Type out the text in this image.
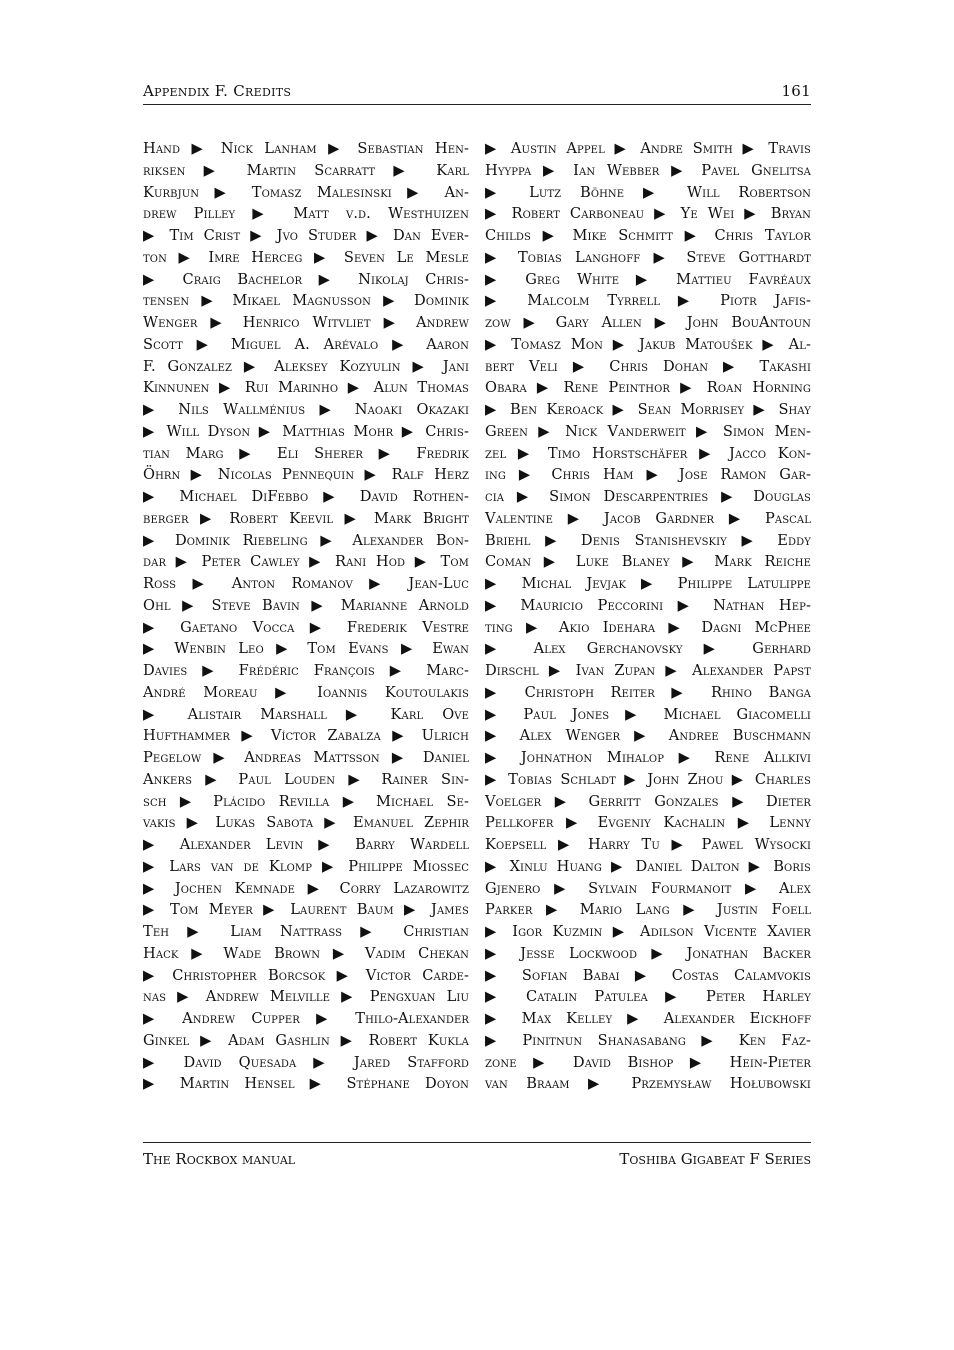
Appendix F. Credits	161
Hand ▶ Nick Lanham ▶ Sebastian Hen-
riksen ▶ Martin Scarratt ▶ Karl
Kurbjun ▶ Tomasz Malesinski ▶ An-
drew Pilley ▶ Matt v.d. Westhuizen
▶ Tim Crist ▶ Jvo Studer ▶ Dan Ever-
ton ▶ Imre Herceg ▶ Seven Le Mesle
▶ Craig Bachelor ▶ Nikolaj Chris-
tensen ▶ Mikael Magnusson ▶ Dominik
Wenger ▶ Henrico Witvliet ▶ Andrew
Scott ▶ Miguel A. Arévalo ▶ Aaron
F. Gonzalez ▶ Aleksey Kozyulin ▶ Jani
Kinnunen ▶ Rui Marinho ▶ Alun Thomas
▶ Nils Wallménius ▶ Naoaki Okazaki
▶ Will Dyson ▶ Matthias Mohr ▶ Chris-
tian Marg ▶ Eli Sherer ▶ Fredrik
Öhrn ▶ Nicolas Pennequin ▶ Ralf Herz
▶ Michael DiFebbo ▶ David Rothen-
berger ▶ Robert Keevil ▶ Mark Bright
▶ Dominik Riebeling ▶ Alexander Bon-
dar ▶ Peter Cawley ▶ Rani Hod ▶ Tom
Ross ▶ Anton Romanov ▶ Jean-Luc
Ohl ▶ Steve Bavin ▶ Marianne Arnold
▶ Gaetano Vocca ▶ Frederik Vestre
▶ Wenbin Leo ▶ Tom Evans ▶ Ewan
Davies ▶ Frédéric François ▶ Marc-
André Moreau ▶ Ioannis Koutoulakis
▶ Alistair Marshall ▶ Karl Ove
Hufthammer ▶ Víctor Zabalza ▶ Ulrich
Pegelow ▶ Andreas Mattsson ▶ Daniel
Ankers ▶ Paul Louden ▶ Rainer Sin-
sch ▶ Plácido Revilla ▶ Michael Se-
vakis ▶ Lukas Sabota ▶ Emanuel Zephir
▶ Alexander Levin ▶ Barry Wardell
▶ Lars van de Klomp ▶ Philippe Miossec
▶ Jochen Kemnade ▶ Corry Lazarowitz
▶ Tom Meyer ▶ Laurent Baum ▶ James
Teh ▶ Liam Nattrass ▶ Christian
Hack ▶ Wade Brown ▶ Vadim Chekan
▶ Christopher Borcsok ▶ Victor Carde-
nas ▶ Andrew Melville ▶ Pengxuan Liu
▶ Andrew Cupper ▶ Thilo-Alexander
Ginkel ▶ Adam Gashlin ▶ Robert Kukla
▶ David Quesada ▶ Jared Stafford
▶ Martin Hensel ▶ Stéphane Doyon
▶ Austin Appel ▶ Andre Smith ▶ Travis
Hyyppa ▶ Ian Webber ▶ Pavel Gnelitsa
▶ Lutz Böhne ▶ Will Robertson
▶ Robert Carboneau ▶ Ye Wei ▶ Bryan
Childs ▶ Mike Schmitt ▶ Chris Taylor
▶ Tobias Langhoff ▶ Steve Gotthardt
▶ Greg White ▶ Mattieu Favréaux
▶ Malcolm Tyrrell ▶ Piotr Jafis-
zow ▶ Gary Allen ▶ John BouAntoun
▶ Tomasz Mon ▶ Jakub Matoušek ▶ Al-
bert Veli ▶ Chris Dohan ▶ Takashi
Obara ▶ Rene Peinthor ▶ Roan Horning
▶ Ben Keroack ▶ Sean Morrisey ▶ Shay
Green ▶ Nick Vanderweit ▶ Simon Men-
zel ▶ Timo Horstschäfer ▶ Jacco Kon-
ing ▶ Chris Ham ▶ Jose Ramon Gar-
cia ▶ Simon Descarpentries ▶ Douglas
Valentine ▶ Jacob Gardner ▶ Pascal
Briehl ▶ Denis Stanishevskiy ▶ Eddy
Coman ▶ Luke Blaney ▶ Mark Reiche
▶ Michal Jevjak ▶ Philippe Latulippe
▶ Mauricio Peccorini ▶ Nathan Hep-
ting ▶ Akio Idehara ▶ Dagni McPhee
▶ Alex Gerchanovsky ▶ Gerhard
Dirschl ▶ Ivan Zupan ▶ Alexander Papst
▶ Christoph Reiter ▶ Rhino Banga
▶ Paul Jones ▶ Michael Giacomelli
▶ Alex Wenger ▶ Andree Buschmann
▶ Johnathon Mihalop ▶ Rene Allkivi
▶ Tobias Schladt ▶ John Zhou ▶ Charles
Voelger ▶ Gerritt Gonzales ▶ Dieter
Pellkofer ▶ Evgeniy Kachalin ▶ Lenny
Koepsell ▶ Harry Tu ▶ Pawel Wysocki
▶ Xinlu Huang ▶ Daniel Dalton ▶ Boris
Gjenero ▶ Sylvain Fourmanoit ▶ Alex
Parker ▶ Mario Lang ▶ Justin Foell
▶ Igor Kuzmin ▶ Adilson Vicente Xavier
▶ Jesse Lockwood ▶ Jonathan Backer
▶ Sofian Babai ▶ Costas Calamvokis
▶ Catalin Patulea ▶ Peter Harley
▶ Max Kelley ▶ Alexander Eickhoff
▶ Pinitnun Shanasabang ▶ Ken Faz-
zone ▶ David Bishop ▶ Hein-Pieter
van Braam ▶ Przemysław Hołubowski
The Rockbox manual	Toshiba Gigabeat F Series
